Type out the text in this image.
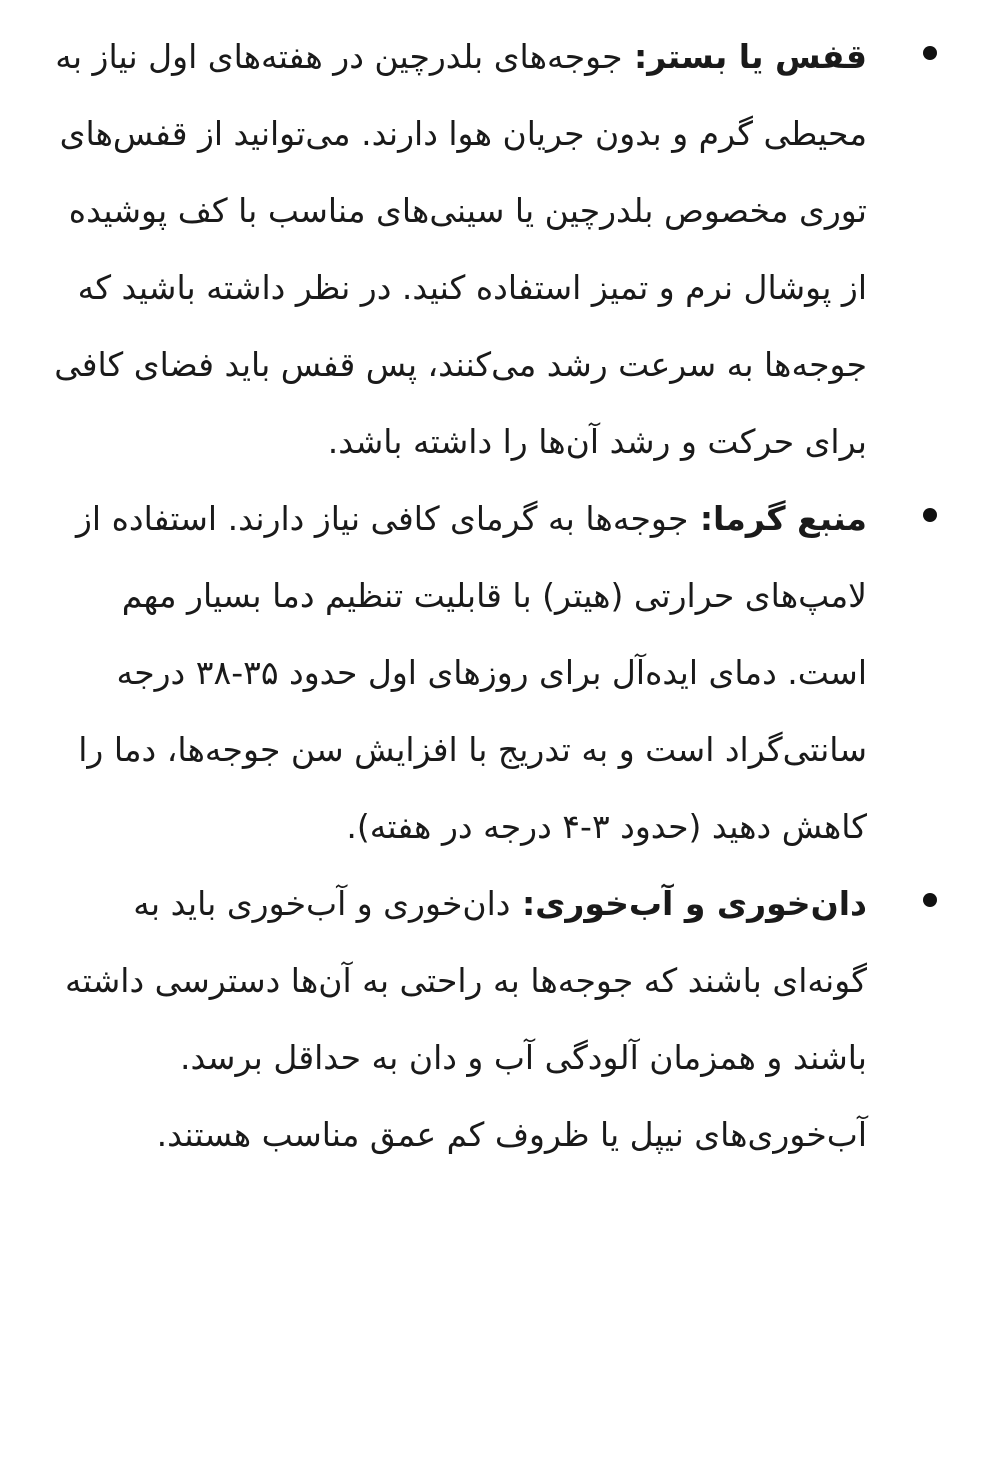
قفس یا بستر: جوجه‌های بلدرچین در هفته‌های اول نیاز به محیطی گرم و بدون جریان هوا دارند. می‌توانید از قفس‌های توری مخصوص بلدرچین یا سینی‌های مناسب با کف پوشیده از پوشال نرم و تمیز استفاده کنید. در نظر داشته باشید که جوجه‌ها به سرعت رشد می‌کنند، پس قفس باید فضای کافی برای حرکت و رشد آن‌ها را داشته باشد.
منبع گرما: جوجه‌ها به گرمای کافی نیاز دارند. استفاده از لامپ‌های حرارتی (هیتر) با قابلیت تنظیم دما بسیار مهم است. دمای ایده‌آل برای روزهای اول حدود ۳۵-۳۸ درجه سانتی‌گراد است و به تدریج با افزایش سن جوجه‌ها، دما را کاهش دهید (حدود ۳-۴ درجه در هفته).
دان‌خوری و آب‌خوری: دان‌خوری و آب‌خوری باید به گونه‌ای باشند که جوجه‌ها به راحتی به آن‌ها دسترسی داشته باشند و همزمان آلودگی آب و دان به حداقل برسد. آب‌خوری‌های نیپل یا ظروف کم عمق مناسب هستند.
